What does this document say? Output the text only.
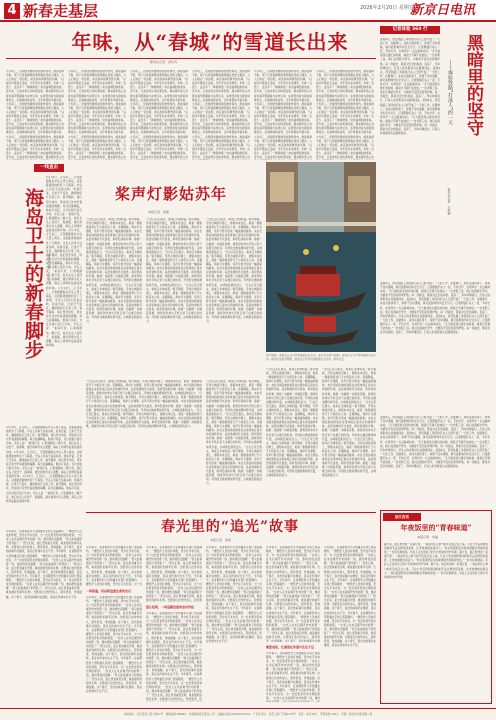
4 新春走基层	2026年2月20日 星期五
新京日电讯
年味，从“春城”的雪道长出来
新华社记者　余丹齐
大年初三，昆明西雪滑道旁的滑雪场内，游客络绎不绝，孩子们穿着厚厚的滑雪服在雪道上嬉戏，大人们或在一旁拍照，或亲身体验滑雪的乐趣。“以前过年都是走亲戚，今年带全家来滑雪，年味一点没少，反而多了一种新鲜感。”来自曲靖的游客说。近年来，云南冰雪运动快速发展，越来越多的人选择在春节假期参与冰雪运动，冰雪经济成为新的消费热点。在春城体验冰雪，让年味更加丰富多彩。大年初三，昆明西雪滑道旁的滑雪场内，游客络绎不绝，孩子们穿着厚厚的滑雪服在雪道上嬉戏，大人们或在一旁拍照，或亲身体验滑雪的乐趣。“以前过年都是走亲戚，今年带全家来滑雪，年味一点没少，反而多了一种新鲜感。”来自曲靖的游客说。近年来，云南冰雪运动快速发展，越来越多的人选择在春节假期参与冰雪运动，冰雪经济成为新的消费热点。在春城体验冰雪，让年味更加丰富多彩。大年初三，昆明西雪滑道旁的滑雪场内，游客络绎不绝，孩子们穿着厚厚的滑雪服在雪道上嬉戏，大人们或在一旁拍照，或亲身体验滑雪的乐趣。“以前过年都是走亲戚，今年带全家来滑雪，年味一点没少，反而多了一种新鲜感。”来自曲靖的游客说。近年来，云南冰雪运动快速发展，越来越多的人选
大年初三，昆明西雪滑道旁的滑雪场内，游客络绎不绝，孩子们穿着厚厚的滑雪服在雪道上嬉戏，大人们或在一旁拍照，或亲身体验滑雪的乐趣。“以前过年都是走亲戚，今年带全家来滑雪，年味一点没少，反而多了一种新鲜感。”来自曲靖的游客说。近年来，云南冰雪运动快速发展，越来越多的人选择在春节假期参与冰雪运动，冰雪经济成为新的消费热点。在春城体验冰雪，让年味更加丰富多彩。大年初三，昆明西雪滑道旁的滑雪场内，游客络绎不绝，孩子们穿着厚厚的滑雪服在雪道上嬉戏，大人们或在一旁拍照，或亲身体验滑雪的乐趣。“以前过年都是走亲戚，今年带全家来滑雪，年味一点没少，反而多了一种新鲜感。”来自曲靖的游客说。近年来，云南冰雪运动快速发展，越来越多的人选择在春节假期参与冰雪运动，冰雪经济成为新的消费热点。在春城体验冰雪，让年味更加丰富多彩。大年初三，昆明西雪滑道旁的滑雪场内，游客络绎不绝，孩子们穿着厚厚的滑雪服在雪道上嬉戏，大人们或在一旁拍照，或亲身体验滑雪的乐趣。“以前过年都是走亲戚，今年带全家来滑雪，年味一点没少，反而多了一种新鲜感。”来自曲靖的游客说。近年来，云南冰雪运动快速发展，越来越多的人选
大年初三，昆明西雪滑道旁的滑雪场内，游客络绎不绝，孩子们穿着厚厚的滑雪服在雪道上嬉戏，大人们或在一旁拍照，或亲身体验滑雪的乐趣。“以前过年都是走亲戚，今年带全家来滑雪，年味一点没少，反而多了一种新鲜感。”来自曲靖的游客说。近年来，云南冰雪运动快速发展，越来越多的人选择在春节假期参与冰雪运动，冰雪经济成为新的消费热点。在春城体验冰雪，让年味更加丰富多彩。大年初三，昆明西雪滑道旁的滑雪场内，游客络绎不绝，孩子们穿着厚厚的滑雪服在雪道上嬉戏，大人们或在一旁拍照，或亲身体验滑雪的乐趣。“以前过年都是走亲戚，今年带全家来滑雪，年味一点没少，反而多了一种新鲜感。”来自曲靖的游客说。近年来，云南冰雪运动快速发展，越来越多的人选择在春节假期参与冰雪运动，冰雪经济成为新的消费热点。在春城体验冰雪，让年味更加丰富多彩。大年初三，昆明西雪滑道旁的滑雪场内，游客络绎不绝，孩子们穿着厚厚的滑雪服在雪道上嬉戏，大人们或在一旁拍照，或亲身体验滑雪的乐趣。“以前过年都是走亲戚，今年带全家来滑雪，年味一点没少，反而多了一种新鲜感。”来自曲靖的游客说。近年来，云南冰雪运动快速发展，越来越多的人选
大年初三，昆明西雪滑道旁的滑雪场内，游客络绎不绝，孩子们穿着厚厚的滑雪服在雪道上嬉戏，大人们或在一旁拍照，或亲身体验滑雪的乐趣。“以前过年都是走亲戚，今年带全家来滑雪，年味一点没少，反而多了一种新鲜感。”来自曲靖的游客说。近年来，云南冰雪运动快速发展，越来越多的人选择在春节假期参与冰雪运动，冰雪经济成为新的消费热点。在春城体验冰雪，让年味更加丰富多彩。大年初三，昆明西雪滑道旁的滑雪场内，游客络绎不绝，孩子们穿着厚厚的滑雪服在雪道上嬉戏，大人们或在一旁拍照，或亲身体验滑雪的乐趣。“以前过年都是走亲戚，今年带全家来滑雪，年味一点没少，反而多了一种新鲜感。”来自曲靖的游客说。近年来，云南冰雪运动快速发展，越来越多的人选择在春节假期参与冰雪运动，冰雪经济成为新的消费热点。在春城体验冰雪，让年味更加丰富多彩。大年初三，昆明西雪滑道旁的滑雪场内，游客络绎不绝，孩子们穿着厚厚的滑雪服在雪道上嬉戏，大人们或在一旁拍照，或亲身体验滑雪的乐趣。“以前过年都是走亲戚，今年带全家来滑雪，年味一点没少，反而多了一种新鲜感。”来自曲靖的游客说。近年来，云南冰雪运动快速发展，越来越多的人选
大年初三，昆明西雪滑道旁的滑雪场内，游客络绎不绝，孩子们穿着厚厚的滑雪服在雪道上嬉戏，大人们或在一旁拍照，或亲身体验滑雪的乐趣。“以前过年都是走亲戚，今年带全家来滑雪，年味一点没少，反而多了一种新鲜感。”来自曲靖的游客说。近年来，云南冰雪运动快速发展，越来越多的人选择在春节假期参与冰雪运动，冰雪经济成为新的消费热点。在春城体验冰雪，让年味更加丰富多彩。大年初三，昆明西雪滑道旁的滑雪场内，游客络绎不绝，孩子们穿着厚厚的滑雪服在雪道上嬉戏，大人们或在一旁拍照，或亲身体验滑雪的乐趣。“以前过年都是走亲戚，今年带全家来滑雪，年味一点没少，反而多了一种新鲜感。”来自曲靖的游客说。近年来，云南冰雪运动快速发展，越来越多的人选择在春节假期参与冰雪运动，冰雪经济成为新的消费热点。在春城体验冰雪，让年味更加丰富多彩。大年初三，昆明西雪滑道旁的滑雪场内，游客络绎不绝，孩子们穿着厚厚的滑雪服在雪道上嬉戏，大人们或在一旁拍照，或亲身体验滑雪的乐趣。“以前过年都是走亲戚，今年带全家来滑雪，年味一点没少，反而多了一种新鲜感。”来自曲靖的游客说。近年来，云南冰雪运动快速发展，越来越多的人选
大年初三，昆明西雪滑道旁的滑雪场内，游客络绎不绝，孩子们穿着厚厚的滑雪服在雪道上嬉戏，大人们或在一旁拍照，或亲身体验滑雪的乐趣。“以前过年都是走亲戚，今年带全家来滑雪，年味一点没少，反而多了一种新鲜感。”来自曲靖的游客说。近年来，云南冰雪运动快速发展，越来越多的人选择在春节假期参与冰雪运动，冰雪经济成为新的消费热点。在春城体验冰雪，让年味更加丰富多彩。大年初三，昆明西雪滑道旁的滑雪场内，游客络绎不绝，孩子们穿着厚厚的滑雪服在雪道上嬉戏，大人们或在一旁拍照，或亲身体验滑雪的乐趣。“以前过年都是走亲戚，今年带全家来滑雪，年味一点没少，反而多了一种新鲜感。”来自曲靖的游客说。近年来，云南冰雪运动快速发展，越来越多的人选择在春节假期参与冰雪运动，冰雪经济成为新的消费热点。在春城体验冰雪，让年味更加丰富多彩。大年初三，昆明西雪滑道旁的滑雪场内，游客络绎不绝，孩子们穿着厚厚的滑雪服在雪道上嬉戏，大人们或在一旁拍照，或亲身体验滑雪的乐趣。“以前过年都是走亲戚，今年带全家来滑雪，年味一点没少，反而多了一种新鲜感。”来自曲靖的游客说。近年来，云南冰雪运动快速发展，越来越多的人选
一线直击
海岛卫士的新春脚步
2月19日，正月初三，记者跟随海岛守岛人登上海岛，这里距离陆地约有十几海里。守岛人员每天巡查岛屿，检查设备，记录天气变化，确保航标灯正常工作。春节期间，他们坚守岗位，用实际行动守护着祖国的海疆。每当夜幕降临，航标灯亮起，为过往船只指引方向。守岛人说：“看到灯亮，心里就踏实。”除夕夜，他们在岛上包饺子、贴春联，通过视频与家人团聚，海岛上同样洋溢着浓浓的年味。2月19日，正月初三，记者跟随海岛守岛人登上海岛，这里距离陆地约有十几海里。守岛人员每天巡查岛屿，检查设备，记录天气变化，确保航标灯正常工作。春节期间，他们坚守岗位，用实际行动守护着祖国的海疆。每当夜幕降临，航标灯亮起，为过往船只指引方向。守岛人说：“看到灯亮，心里就踏实。”除夕夜，他们在岛上包饺子、贴春联，通过视频与家人团聚，海岛上同样洋溢着浓浓的年味。2月19日，正月初三，记者跟随海岛守岛人登上海岛，这里距离陆地约有十几海里。守岛人员每天巡查岛屿，检查设备，记录天气变化，确保航标灯正常工作。春节期间，他们坚守岗位，用实际行动守护着祖国的海疆。每当夜幕降临，航标灯亮起，为过往船只指引方向。守岛人说：“看到灯亮，心里就踏实。”除夕夜，他们在岛上包饺子、贴春联，通过视频与家人团聚，海岛上同样洋溢着浓浓的年味。
2月19日，正月初三，记者跟随海岛守岛人登上海岛，这里距离陆地约有十几海里。守岛人员每天巡查岛屿，检查设备，记录天气变化，确保航标灯正常工作。春节期间，他们坚守岗位，用实际行动守护着祖国的海疆。每当夜幕降临，航标灯亮起，为过往船只指引方向。守岛人说：“看到灯亮，心里就踏实。”除夕夜，他们在岛上包饺子、贴春联，通过视频与家人团聚，海岛上同样洋溢着浓浓的年味。2月19日，正月初三，记者跟随海岛守岛人登上海岛，这里距离陆地约有十几海里。守岛人员每天巡查岛屿，检查设备，记录天气变化，确保航标灯正常工作。春节期间，他们坚守岗位，用实际行动守护着祖国的海疆。每当夜幕降临，航标灯亮起，为过往船只指引方向。守岛人说：“看到灯亮，心里就踏实。”除夕夜，他们在岛上包饺子、贴春联，通过视频与家人团聚，海岛上同样洋溢着浓浓的年味。2月19日，正月初三，记者跟随海岛守岛人登上海岛，这里距离陆地约有十几海里。守岛人员每天巡查岛屿，检查设备，记录天气变化，确保航标灯正常工作。春节期间，他们坚守岗位，用实际行动守护着祖国的海疆。每当夜幕降临，航标灯亮起，为过往船只指引方向。守岛人说：“看到灯亮，心里就踏实。”除夕夜，他们在岛上包饺子、贴春联，通过视频与家人团聚，海岛上同样洋溢着浓浓的年味。
新华社记者　于冬青
桨声灯影姑苏年
本报记者　钟燕
“日出江花红胜火，春来江水绿如蓝。”春节期间，苏州古城的河道上，游船来来往往，载着一船船游客穿行于小桥流水之间。夜幕降临，两岸灯火通明，桨声灯影交织成一幅美丽的画卷。来自全国各地的游客在这里体验江南水乡的独特年味，品尝地道的苏式美食，聆听悠扬的评弹。船娘一边摇橹一边唱着吴歌，游客纷纷拿出手机记录下这难忘的时刻。苏州的文旅消费持续升温，古城焕发新的活力。“日出江花红胜火，春来江水绿如蓝。”春节期间，苏州古城的河道上，游船来来往往，载着一船船游客穿行于小桥流水之间。夜幕降临，两岸灯火通明，桨声灯影交织成一幅美丽的画卷。来自全国各地的游客在这里体验江南水乡的独特年味，品尝地道的苏式美食，聆听悠扬的评弹。船娘一边摇橹一边唱着吴歌，游客纷纷拿出手机记录下这难忘的时刻。苏州的文旅消费持续升温，古城焕发新的活力。“日出江花红胜火，春来江水绿如蓝。”春节期间，苏州古城的河道上，游船来来往往，载着一船船游客穿行于小桥流水之间。夜幕降临，两岸灯火通明，桨声灯影交织成一幅美丽的画卷。来自全国各地的游客在这里体验江南水乡的独特年味，品尝地道的苏式美食，聆听悠扬的评弹。船娘一边摇橹一边唱着吴歌，游客纷纷拿出手机记录下这难忘的时刻。苏州的文旅消费持续升温，古城焕发新的活力。
“日出江花红胜火，春来江水绿如蓝。”春节期间，苏州古城的河道上，游船来来往往，载着一船船游客穿行于小桥流水之间。夜幕降临，两岸灯火通明，桨声灯影交织成一幅美丽的画卷。来自全国各地的游客在这里体验江南水乡的独特年味，品尝地道的苏式美食，聆听悠扬的评弹。船娘一边摇橹一边唱着吴歌，游客纷纷拿出手机记录下这难忘的时刻。苏州的文旅消费持续升温，古城焕发新的活力。“日出江花红胜火，春来江水绿如蓝。”春节期间，苏州古城的河道上，游船来来往往，载着一船船游客穿行于小桥流水之间。夜幕降临，两岸灯火通明，桨声灯影交织成一幅美丽的画卷。来自全国各地的游客在这里体验江南水乡的独特年味，品尝地道的苏式美食，聆听悠扬的评弹。船娘一边摇橹一边唱着吴歌，游客纷纷拿出手机记录下这难忘的时刻。苏州的文旅消费持续升温，古城焕发新的活力。“日出江花红胜火，春来江水绿如蓝。”春节期间，苏州古城的河道上，游船来来往往，载着一船船游客穿行于小桥流水之间。夜幕降临，两岸灯火通明，桨声灯影交织成一幅美丽的画卷。来自全国各地的游客在这里体验江南水乡的独特年味，品尝地道的苏式美食，聆听悠扬的评弹。船娘一边摇橹一边唱着吴歌，游客纷纷拿出手机记录下这难忘的时刻。苏州的文旅消费持续升温，古城焕发新的活力。
“日出江花红胜火，春来江水绿如蓝。”春节期间，苏州古城的河道上，游船来来往往，载着一船船游客穿行于小桥流水之间。夜幕降临，两岸灯火通明，桨声灯影交织成一幅美丽的画卷。来自全国各地的游客在这里体验江南水乡的独特年味，品尝地道的苏式美食，聆听悠扬的评弹。船娘一边摇橹一边唱着吴歌，游客纷纷拿出手机记录下这难忘的时刻。苏州的文旅消费持续升温，古城焕发新的活力。“日出江花红胜火，春来江水绿如蓝。”春节期间，苏州古城的河道上，游船来来往往，载着一船船游客穿行于小桥流水之间。夜幕降临，两岸灯火通明，桨声灯影交织成一幅美丽的画卷。来自全国各地的游客在这里体验江南水乡的独特年味，品尝地道的苏式美食，聆听悠扬的评弹。船娘一边摇橹一边唱着吴歌，游客纷纷拿出手机记录下这难忘的时刻。苏州的文旅消费持续升温，古城焕发新的活力。“日出江花红胜火，春来江水绿如蓝。”春节期间，苏州古城的河道上，游船来来往往，载着一船船游客穿行于小桥流水之间。夜幕降临，两岸灯火通明，桨声灯影交织成一幅美丽的画卷。来自全国各地的游客在这里体验江南水乡的独特年味，品尝地道的苏式美食，聆听悠扬的评弹。船娘一边摇橹一边唱着吴歌，游客纷纷拿出手机记录下这难忘的时刻。苏州的文旅消费持续升温，古城焕发新的活力。
“日出江花红胜火，春来江水绿如蓝。”春节期间，苏州古城的河道上，游船来来往往，载着一船船游客穿行于小桥流水之间。夜幕降临，两岸灯火通明，桨声灯影交织成一幅美丽的画卷。来自全国各地的游客在这里体验江南水乡的独特年味，品尝地道的苏式美食，聆听悠扬的评弹。船娘一边摇橹一边唱着吴歌，游客纷纷拿出手机记录下这难忘的时刻。苏州的文旅消费持续升温，古城焕发新的活力。“日出江花红胜火，春来江水绿如蓝。”春节期间，苏州古城的河道上，游船来来往往，载着一船船游客穿行于小桥流水之间。夜幕降临，两岸灯火通明，桨声灯影交织成一幅美丽的画卷。来自全国各地的游客在这里体验江南水乡的独特年味，品尝地道的苏式美食，聆听悠扬的评弹。船娘一边摇橹一边唱着吴歌，游客纷纷拿出手机记录下这难忘的时刻。苏州的文旅消费持续升温，古城焕发新的活力。“日出江花红胜火，春来江水绿如蓝。”春节期间，苏州古城的河道上，游船来来往往，载着一船船游客穿行于小桥流水之间。夜幕降临，两岸灯火通明，桨声灯影交织成一幅美丽的画卷。来自全国各地的游客在这里体验江南水乡的独特年味，品尝地道的苏式美食，聆听悠扬的评弹。船娘一边摇橹一边唱着吴歌，游客纷纷拿出手机记录下这难忘的时刻。苏州的文旅消费持续升温，古城焕发新的活力。
“日出江花红胜火，春来江水绿如蓝。”春节期间，苏州古城的河道上，游船来来往往，载着一船船游客穿行于小桥流水之间。夜幕降临，两岸灯火通明，桨声灯影交织成一幅美丽的画卷。来自全国各地的游客在这里体验江南水乡的独特年味，品尝地道的苏式美食，聆听悠扬的评弹。船娘一边摇橹一边唱着吴歌，游客纷纷拿出手机记录下这难忘的时刻。苏州的文旅消费持续升温，古城焕发新的活力。“日出江花红胜火，春来江水绿如蓝。”春节期间，苏州古城的河道上，游船来来往往，载着一船船游客穿行于小桥流水之间。夜幕降临，两岸灯火通明，桨声灯影交织成一幅美丽的画卷。来自全国各地的游客在这里体验江南水乡的独特年味，品尝地道的苏式美食，聆听悠扬的评弹。船娘一边摇橹一边唱着吴歌，游客纷纷拿出手机记录下这难忘的时刻。苏州的文旅消费持续升温，古城焕发新的活力。“日出江花红胜火，春来江水绿如蓝。”春节期间，苏州古城的河道上，游船来来往往，载着一船船游客穿行于小桥流水之间。夜幕降临，两岸灯火通明，桨声灯影交织成一幅美丽的画卷。来自全国各地的游客在这里体验江南水乡的独特年味，品尝地道的苏式美食，聆听悠扬的评弹。船娘一边摇橹一边唱着吴歌，游客纷纷拿出手机记录下这难忘的时刻。苏州的文旅消费持续升温，古城焕发新的活力。
春节假期，游客在江苏苏州乘船游览古运河。新华社发春节假期，游客在江苏苏州乘船游览古运河。新华社发春节假期，游客在江苏苏州乘船游览古运河。新华社发
“日出江花红胜火，春来江水绿如蓝。”春节期间，苏州古城的河道上，游船来来往往，载着一船船游客穿行于小桥流水之间。夜幕降临，两岸灯火通明，桨声灯影交织成一幅美丽的画卷。来自全国各地的游客在这里体验江南水乡的独特年味，品尝地道的苏式美食，聆听悠扬的评弹。船娘一边摇橹一边唱着吴歌，游客纷纷拿出手机记录下这难忘的时刻。苏州的文旅消费持续升温，古城焕发新的活力。“日出江花红胜火，春来江水绿如蓝。”春节期间，苏州古城的河道上，游船来来往往，载着一船船游客穿行于小桥流水之间。夜幕降临，两岸灯火通明，桨声灯影交织成一幅美丽的画卷。来自全国各地的游客在这里体验江南水乡的独特年味，品尝地道的苏式美食，聆听悠扬的评弹。船娘一边摇橹一边唱着吴歌，游客纷纷拿出手机记录下这难忘的时刻。苏州的文旅消费持续升温，古城焕发新的活力。“日出江花红胜火，春来江水绿如蓝。”春节期间，苏州古城的河道上，游船来来往往，载着一船船游客穿行于小桥流水之间。夜幕降临，两岸灯火通明，桨声灯影交织成一幅美丽的画卷。来自全国各地的游客在这里体验江南水乡的独特年味，品尝地道的苏式美食，聆听悠扬的评弹。船娘一边摇橹一边唱着吴歌，游客纷纷拿出手机记录下这难忘的时刻。苏州的文旅消费持续升温，古城焕发新的活力。
“日出江花红胜火，春来江水绿如蓝。”春节期间，苏州古城的河道上，游船来来往往，载着一船船游客穿行于小桥流水之间。夜幕降临，两岸灯火通明，桨声灯影交织成一幅美丽的画卷。来自全国各地的游客在这里体验江南水乡的独特年味，品尝地道的苏式美食，聆听悠扬的评弹。船娘一边摇橹一边唱着吴歌，游客纷纷拿出手机记录下这难忘的时刻。苏州的文旅消费持续升温，古城焕发新的活力。“日出江花红胜火，春来江水绿如蓝。”春节期间，苏州古城的河道上，游船来来往往，载着一船船游客穿行于小桥流水之间。夜幕降临，两岸灯火通明，桨声灯影交织成一幅美丽的画卷。来自全国各地的游客在这里体验江南水乡的独特年味，品尝地道的苏式美食，聆听悠扬的评弹。船娘一边摇橹一边唱着吴歌，游客纷纷拿出手机记录下这难忘的时刻。苏州的文旅消费持续升温，古城焕发新的活力。“日出江花红胜火，春来江水绿如蓝。”春节期间，苏州古城的河道上，游船来来往往，载着一船船游客穿行于小桥流水之间。夜幕降临，两岸灯火通明，桨声灯影交织成一幅美丽的画卷。来自全国各地的游客在这里体验江南水乡的独特年味，品尝地道的苏式美食，聆听悠扬的评弹。船娘一边摇橹一边唱着吴歌，游客纷纷拿出手机记录下这难忘的时刻。苏州的文旅消费持续升温，古城焕发新的活力。
记者体验 360 行
凌晨4点，西安铁路工务段的打冰人已经开始了一天的工作。在隧道口，冰柱从洞顶垂下，如果不及时清除，就可能影响列车安全运行。记者跟随打冰人一起，手持长杆，在寒风中一点点敲掉冰柱。“冬天就是我们最忙的时候，越是过节越不能放松。”一位老职工说。他们在黑暗中坚守，为旅客平安回家保驾护航。每一次敲击，都是对安全的承诺。夜深了，列车呼啸而过，打冰人的身影消失在隧道深处。凌晨4点，西安铁路工务段的打冰人已经开始了一天的工作。在隧道口，冰柱从洞顶垂下，如果不及时清除，就可能影响列车安全运行。记者跟随打冰人一起，手持长杆，在寒风中一点点敲掉冰柱。“冬天就是我们最忙的时候，越是过节越不能放松。”一位老职工说。他们在黑暗中坚守，为旅客平安回家保驾护航。每一次敲击，都是对安全的承诺。夜深了，列车呼啸而过，打冰人的身影消失在隧道深处。凌晨4点，西安铁路工务段的打冰人已经开始了一天的工作。在隧道口，冰柱从洞顶垂下，如果不及时清除，就可能影响列车安全运行。记者跟随打冰人一起，手持长杆，在寒风中一点点敲掉冰柱。“冬天就是我们最忙的时候，越是过节越不能放松。”一位老职工说。他们在黑暗中坚守，为旅客平安回家保驾护航。每一次敲击，都是对安全的承诺。夜深了，列车呼啸而过，打冰人的身影消失在隧道深处。	黑暗里的坚守
——体验铁路“打冰人”的一天
凌晨4点，西安铁路工务段的打冰人已经开始了一天的工作。在隧道口，冰柱从洞顶垂下，如果不及时清除，就可能影响列车安全运行。记者跟随打冰人一起，手持长杆，在寒风中一点点敲掉冰柱。“冬天就是我们最忙的时候，越是过节越不能放松。”一位老职工说。他们在黑暗中坚守，为旅客平安回家保驾护航。每一次敲击，都是对安全的承诺。夜深了，列车呼啸而过，打冰人的身影消失在隧道深处。凌晨4点，西安铁路工务段的打冰人已经开始了一天的工作。在隧道口，冰柱从洞顶垂下，如果不及时清除，就可能影响列车安全运行。记者跟随打冰人一起，手持长杆，在寒风中一点点敲掉冰柱。“冬天就是我们最忙的时候，越是过节越不能放松。”一位老职工说。他们在黑暗中坚守，为旅客平安回家保驾护航。每一次敲击，都是对安全的承诺。夜深了，列车呼啸而过，打冰人的身影消失在隧道深处。凌晨4点，西安铁路工务段的打冰人已经开始了一天的工作。在隧道口，冰柱从洞顶垂下，如果不及时清除，就可能影响列车安全运行。记者跟随打冰人一起，手持长杆，在寒风中一点点敲掉冰柱。“冬天就是我们最忙的时候，越是过节越不能放松。”一位老职工说。他们在黑暗中坚守，为旅客平安回家保驾护航。每一次敲击，都是对安全的承诺。夜深了，列车呼啸而过，打冰人的身影消失在隧道深处。
凌晨4点，西安铁路工务段的打冰人已经开始了一天的工作。在隧道口，冰柱从洞顶垂下，如果不及时清除，就可能影响列车安全运行。记者跟随打冰人一起，手持长杆，在寒风中一点点敲掉冰柱。“冬天就是我们最忙的时候，越是过节越不能放松。”一位老职工说。他们在黑暗中坚守，为旅客平安回家保驾护航。每一次敲击，都是对安全的承诺。夜深了，列车呼啸而过，打冰人的身影消失在隧道深处。凌晨4点，西安铁路工务段的打冰人已经开始了一天的工作。在隧道口，冰柱从洞顶垂下，如果不及时清除，就可能影响列车安全运行。记者跟随打冰人一起，手持长杆，在寒风中一点点敲掉冰柱。“冬天就是我们最忙的时候，越是过节越不能放松。”一位老职工说。他们在黑暗中坚守，为旅客平安回家保驾护航。每一次敲击，都是对安全的承诺。夜深了，列车呼啸而过，打冰人的身影消失在隧道深处。凌晨4点，西安铁路工务段的打冰人已经开始了一天的工作。在隧道口，冰柱从洞顶垂下，如果不及时清除，就可能影响列车安全运行。记者跟随打冰人一起，手持长杆，在寒风中一点点敲掉冰柱。“冬天就是我们最忙的时候，越是过节越不能放松。”一位老职工说。他们在黑暗中坚守，为旅客平安回家保驾护航。每一次敲击，都是对安全的承诺。夜深了，列车呼啸而过，打冰人的身影消失在隧道深处。
新华社记者　王海德
春光里的“追光”故事
本报记者　孙艳
今年春节，在首都医科大学附属北京同仁医院眼科，一群医护人员放弃休假，坚守在手术台旁，为一位位患者带来光明的希望。一位老人在术后揭开纱布的那一刻，激动得热泪盈眶：“我又能看清孙子的笑脸了！”医生们说，能让患者重见光明，就是最好的新年礼物。志愿者们也纷纷加入，陪伴患者，传递温暖。这个春天，追光的故事仍在继续，善意在传递中生生不息。今年春节，在首都医科大学附属北京同仁医院眼科，一群医护人员放弃休假，坚守在手术台旁，为一位位患者带来光明的希望。一位老人在术后揭开纱布的那一刻，激动得热泪盈眶：“我又能看清孙子的笑脸了！”医生们说，能让患者重见光明，就是最好的新年礼物。志愿者们也纷纷加入，陪伴患者，传递温暖。这个春天，追光的故事仍在继续，善意在传递中生生不息。今年春节，在首都医科大学附属北京同仁医院眼科，一群医护人员放弃休假，坚守在手术台旁，为一位位患者带来光明的希望。一位老人在术后揭开纱布的那一刻，激动得热泪盈眶：“我又能看清孙子的笑脸了！”医生们说，能让患者重见光明，就是最好的新年礼物。志愿者们也纷纷加入，陪伴患者，传递温暖。这个春天，追光的故事仍在继续，善意在传递中生生不息。
今年春节，在首都医科大学附属北京同仁医院眼科，一群医护人员放弃休假，坚守在手术台旁，为一位位患者带来光明的希望。一位老人在术后揭开纱布的那一刻，激动得热泪盈眶：“我又能看清孙子的笑脸了！”医生们说，能让患者重见光明，就是最好的新年礼物。志愿者们也纷纷加入，陪伴患者，传递温暖。这个春天，追光的故事仍在继续，善意在传递中生生不息。今年春节，在首都医科大学附属北京同仁医院眼科，一群医护人员放弃休假，坚守在手术台旁，为一位
一场相逢，用真相追逐生命的光亮
今年春节，在首都医科大学附属北京同仁医院眼科，一群医护人员放弃休假，坚守在手术台旁，为一位位患者带来光明的希望。一位老人在术后揭开纱布的那一刻，激动得热泪盈眶：“我又能看清孙子的笑脸了！”医生们说，能让患者重见光明，就是最好的新年礼物。志愿者们也纷纷加入，陪伴患者，传递温暖。这个春天，追光的故事仍在继续，善意在传递中生生不息。今年春节，在首都医科大学附属北京同仁医院眼科，一群医护人员放弃休假，坚守在手术台旁，为一位位患者带来光明的希望。一位老人在术后揭开纱布的那一刻，激动得热泪盈眶：“我又能看清孙子的笑脸了！”医生们说，能让患者重见光明，就是最好的新年礼物。志愿者们也纷纷加入，陪伴患者，传递温暖。这个春天，追光的故事仍在继续，善意在传递中生生不息。今年春节，在首都医科大学附属北京同仁医院眼科，一群医护人员放弃休假，坚守在手术台旁，为一位位患者带来光明的希望。一位老人在术后揭开纱布的那一刻，激动得热泪盈眶：“我又能看清孙子的笑脸了！”医生们说，能让患者重见光明，就是最好的新年礼物。志愿者们也纷纷加入，陪伴患者，传递温暖。这个春天，追光的故事仍在继续，善意在传递中生生不息。
今年春节，在首都医科大学附属北京同仁医院眼科，一群医护人员放弃休假，坚守在手术台旁，为一位位患者带来光明的希望。一位老人在术后揭开纱布的那一刻，激动得热泪盈眶：“我又能看清孙子的笑脸了！”医生们说，能让患者重见光明，就是最好的新年礼物。志愿者们也纷纷加入，陪伴患者，传递温暖。这个春天，追光的故事仍在继续，善意在传递中生生不息。今年春节，在首都医科大学附属北京同仁医院眼科，一群医护人员放弃休假，坚守在手术台旁，为一位位患者带来光明的希望。一位老人在术后揭开纱布的那一刻，激动得热泪盈眶：“我又能看清孙子的笑脸了！”医生们说，能让患者重见光明，就是最好的新年礼物。志愿者们也纷纷加入，陪伴患
爱心延续，一场温暖治愈的双向奔赴
今年春节，在首都医科大学附属北京同仁医院眼科，一群医护人员放弃休假，坚守在手术台旁，为一位位患者带来光明的希望。一位老人在术后揭开纱布的那一刻，激动得热泪盈眶：“我又能看清孙子的笑脸了！”医生们说，能让患者重见光明，就是最好的新年礼物。志愿者们也纷纷加入，陪伴患者，传递温暖。这个春天，追光的故事仍在继续，善意在传递中生生不息。今年春节，在首都医科大学附属北京同仁医院眼科，一群医护人员放弃休假，坚守在手术台旁，为一位位患者带来光明的希望。一位老人在术后揭开纱布的那一刻，激动得热泪盈眶：“我又能看清孙子的笑脸了！”医生们说，能让患者重见光明，就是最好的新年礼物。志愿者们也纷纷加入，陪伴患者，传递温暖。这个春天，追光的故事仍在继续，善意在传递中生生不息。今年春节，在首都医科大学附属北京同仁医院眼科，一群医护人员放弃休假，坚守在手术台旁，为一位位患者带来光明的希望。一位老人在术后揭开纱布的那一刻，激动得热泪盈眶：“我又能看清孙子的笑脸了！”医生们说，能让患者重见光明，就是最好的新年礼物。志愿者们也纷纷加入，陪伴患者，传
今年春节，在首都医科大学附属北京同仁医院眼科，一群医护人员放弃休假，坚守在手术台旁，为一位位患者带来光明的希望。一位老人在术后揭开纱布的那一刻，激动得热泪盈眶：“我又能看清孙子的笑脸了！”医生们说，能让患者重见光明，就是最好的新年礼物。志愿者们也纷纷加入，陪伴患者，传递温暖。这个春天，追光的故事仍在继续，善意在传递中生生不息。今年春节，在首都医科大学附属北京同仁医院眼科，一群医护人员放弃休假，坚守在手术台旁，为一位位患者带来光明的希望。一位老人在术后揭开纱布的那一刻，激动得热泪盈眶：“我又能看清孙子的笑脸了！”医生们说，能让患者重见光明，就是最好的新年礼物。志愿者们也纷纷加入，陪伴患者，传递温暖。这个春天，追光的故事仍在继续，善意在传递中生生不息。今年春节，在首都医科大学附属北京同仁医院眼科，一群医护人员放弃休假，坚守在手术台旁，为一位位患者带来光明的希望。一位老人在术后揭开纱布的那一刻，激动得热泪盈眶：“我又能看清孙子的笑脸了！”医生们说，能让患者重见光明，就是最好的新年礼物。志愿者们也纷纷加入，陪伴患者，传递温暖。这个春天，追光的故事仍在继续，善意在传递中生生不息。
今年春节，在首都医科大学附属北京同仁医院眼科，一群医护人员放弃休假，坚守在手术台旁，为一位位患者带来光明的希望。一位老人在术后揭开纱布的那一刻，激动得热泪盈眶：“我又能看清孙子的笑脸了！”医生们说，能让患者重见光明，就是最好的新年礼物。志愿者们也纷纷加入，陪伴患者，传递温暖。这个春天，追光的故事仍在继续，善意在传递中生生不息。今年春节，在首都医科大学附属北京同仁医院眼科，一群医护人员放弃休假，坚守在手术台旁，为一位位患者带来光明的希望。一位老人在术后揭开纱布的那一刻，激动得热泪盈眶：“我又能看清孙子的笑脸了！”医生们说，能让患者重见光明，就是最好的新年礼物。志愿者们也纷纷加入，陪伴患者，传递温暖。这个春天，追光的故事仍在继续，善意在传递中生生不息。今年春节，在首都医科大学附属北京同仁医院眼科，一群医护人员放弃休假，坚守在手术台旁，为一位位患者带来光明的希望。一位老人在术后揭开纱布的那一刻，激动得热泪盈眶：“我又能看清孙子的笑脸了！”医生们说，能让患者重见光明，就是最好的新年礼物。志愿者们也纷纷加入，陪伴患者，传递温暖。这个春天，追光的故事仍在继
聚爱成炬，让善意在传递中生生不息
今年春节，在首都医科大学附属北京同仁医院眼科，一群医护人员放弃休假，坚守在手术台旁，为一位位患者带来光明的希望。一位老人在术后揭开纱布的那一刻，激动得热泪盈眶：“我又能看清孙子的笑脸了！”医生们说，能让患者重见光明，就是最好的新年礼物。志愿者们也纷纷加入，陪伴患者，传递温暖。这个春天，追光的故事仍在继续，善意在传递中生生不息。今年春节，在首都医科大学附属北京同仁医院眼科，一群医护人员放弃休假，坚守在手术台旁，为一位位患者带来光明的希望。一位老人在术后揭开纱布的那一刻，激动
今年春节，在首都医科大学附属北京同仁医院眼科，一群医护人员放弃休假，坚守在手术台旁，为一位位患者带来光明的希望。一位老人在术后揭开纱布的那一刻，激动得热泪盈眶：“我又能看清孙子的笑脸了！”医生们说，能让患者重见光明，就是最好的新年礼物。志愿者们也纷纷加入，陪伴患者，传递温暖。这个春天，追光的故事仍在继续，善意在传递中生生不息。今年春节，在首都医科大学附属北京同仁医院眼科，一群医护人员放弃休假，坚守在手术台旁，为一位位患者带来光明的希望。一位老人在术后揭开纱布的那一刻，激动得热泪盈眶：“我又能看清孙子的笑脸了！”医生们说，能让患者重见光明，就是最好的新年礼物。志愿者们也纷纷加入，陪伴患者，传递温暖。这个春天，追光的故事仍在继续，善意在传递中生生不息。今年春节，在首都医科大学附属北京同仁医院眼科，一群医护人员放弃休假，坚守在手术台旁，为一位位患者带来光明的希望。一位老人在术后揭开纱布的那一刻，激动得热泪盈眶：“我又能看清孙子的笑脸了！”医生们说，能让患者重见光明，就是最好的新年礼物。志愿者们也纷纷加入，陪伴患者，传递温暖。这个春天，追光的故事仍在继续，善意在传递中生生不息。
浙江夜话
年夜饭里的“青春味道”
本报记者　朱晶
除夕夜，浙江杭州的一家餐厅里，一桌由年轻人掌勺的年夜饭正在上桌。几位九零后厨师用创新的手法诠释传统菜肴，让老味道焕发新活力。“我们希望把家乡的味道做出青春的感觉。”一位年轻厨师说。年轻人正在用自己的方式传承和守护年味。除夕夜，浙江杭州的一家餐厅里，一桌由年轻人掌勺的年夜饭正在上桌。几位九零后厨师用创新的手法诠释传统菜肴，让老味道焕发新活力。“我们希望把家乡的味道做出青春的感觉。”一位年轻厨师说。年轻人正在用自己的方式传承和守护年味。除夕夜，浙江杭州的一家餐厅里，一桌由年轻人掌勺的年夜饭正在上桌。几位九零后厨师用创新的手法诠释传统菜肴，让老味道焕发新活力。“我们希望把家乡的味道做出青春的感觉。”一位年轻厨师说。年轻人正在用自己的方式传承和守护年味。
本报地址：北京宣武门西大街57号　邮政编码100803　中国新闻发行部总公司　总编室电话(010)63072231　广告许可证：京西工商广字第0175号　定价：每月36元　零售每份1.50元　印刷：新华社印务有限公司
